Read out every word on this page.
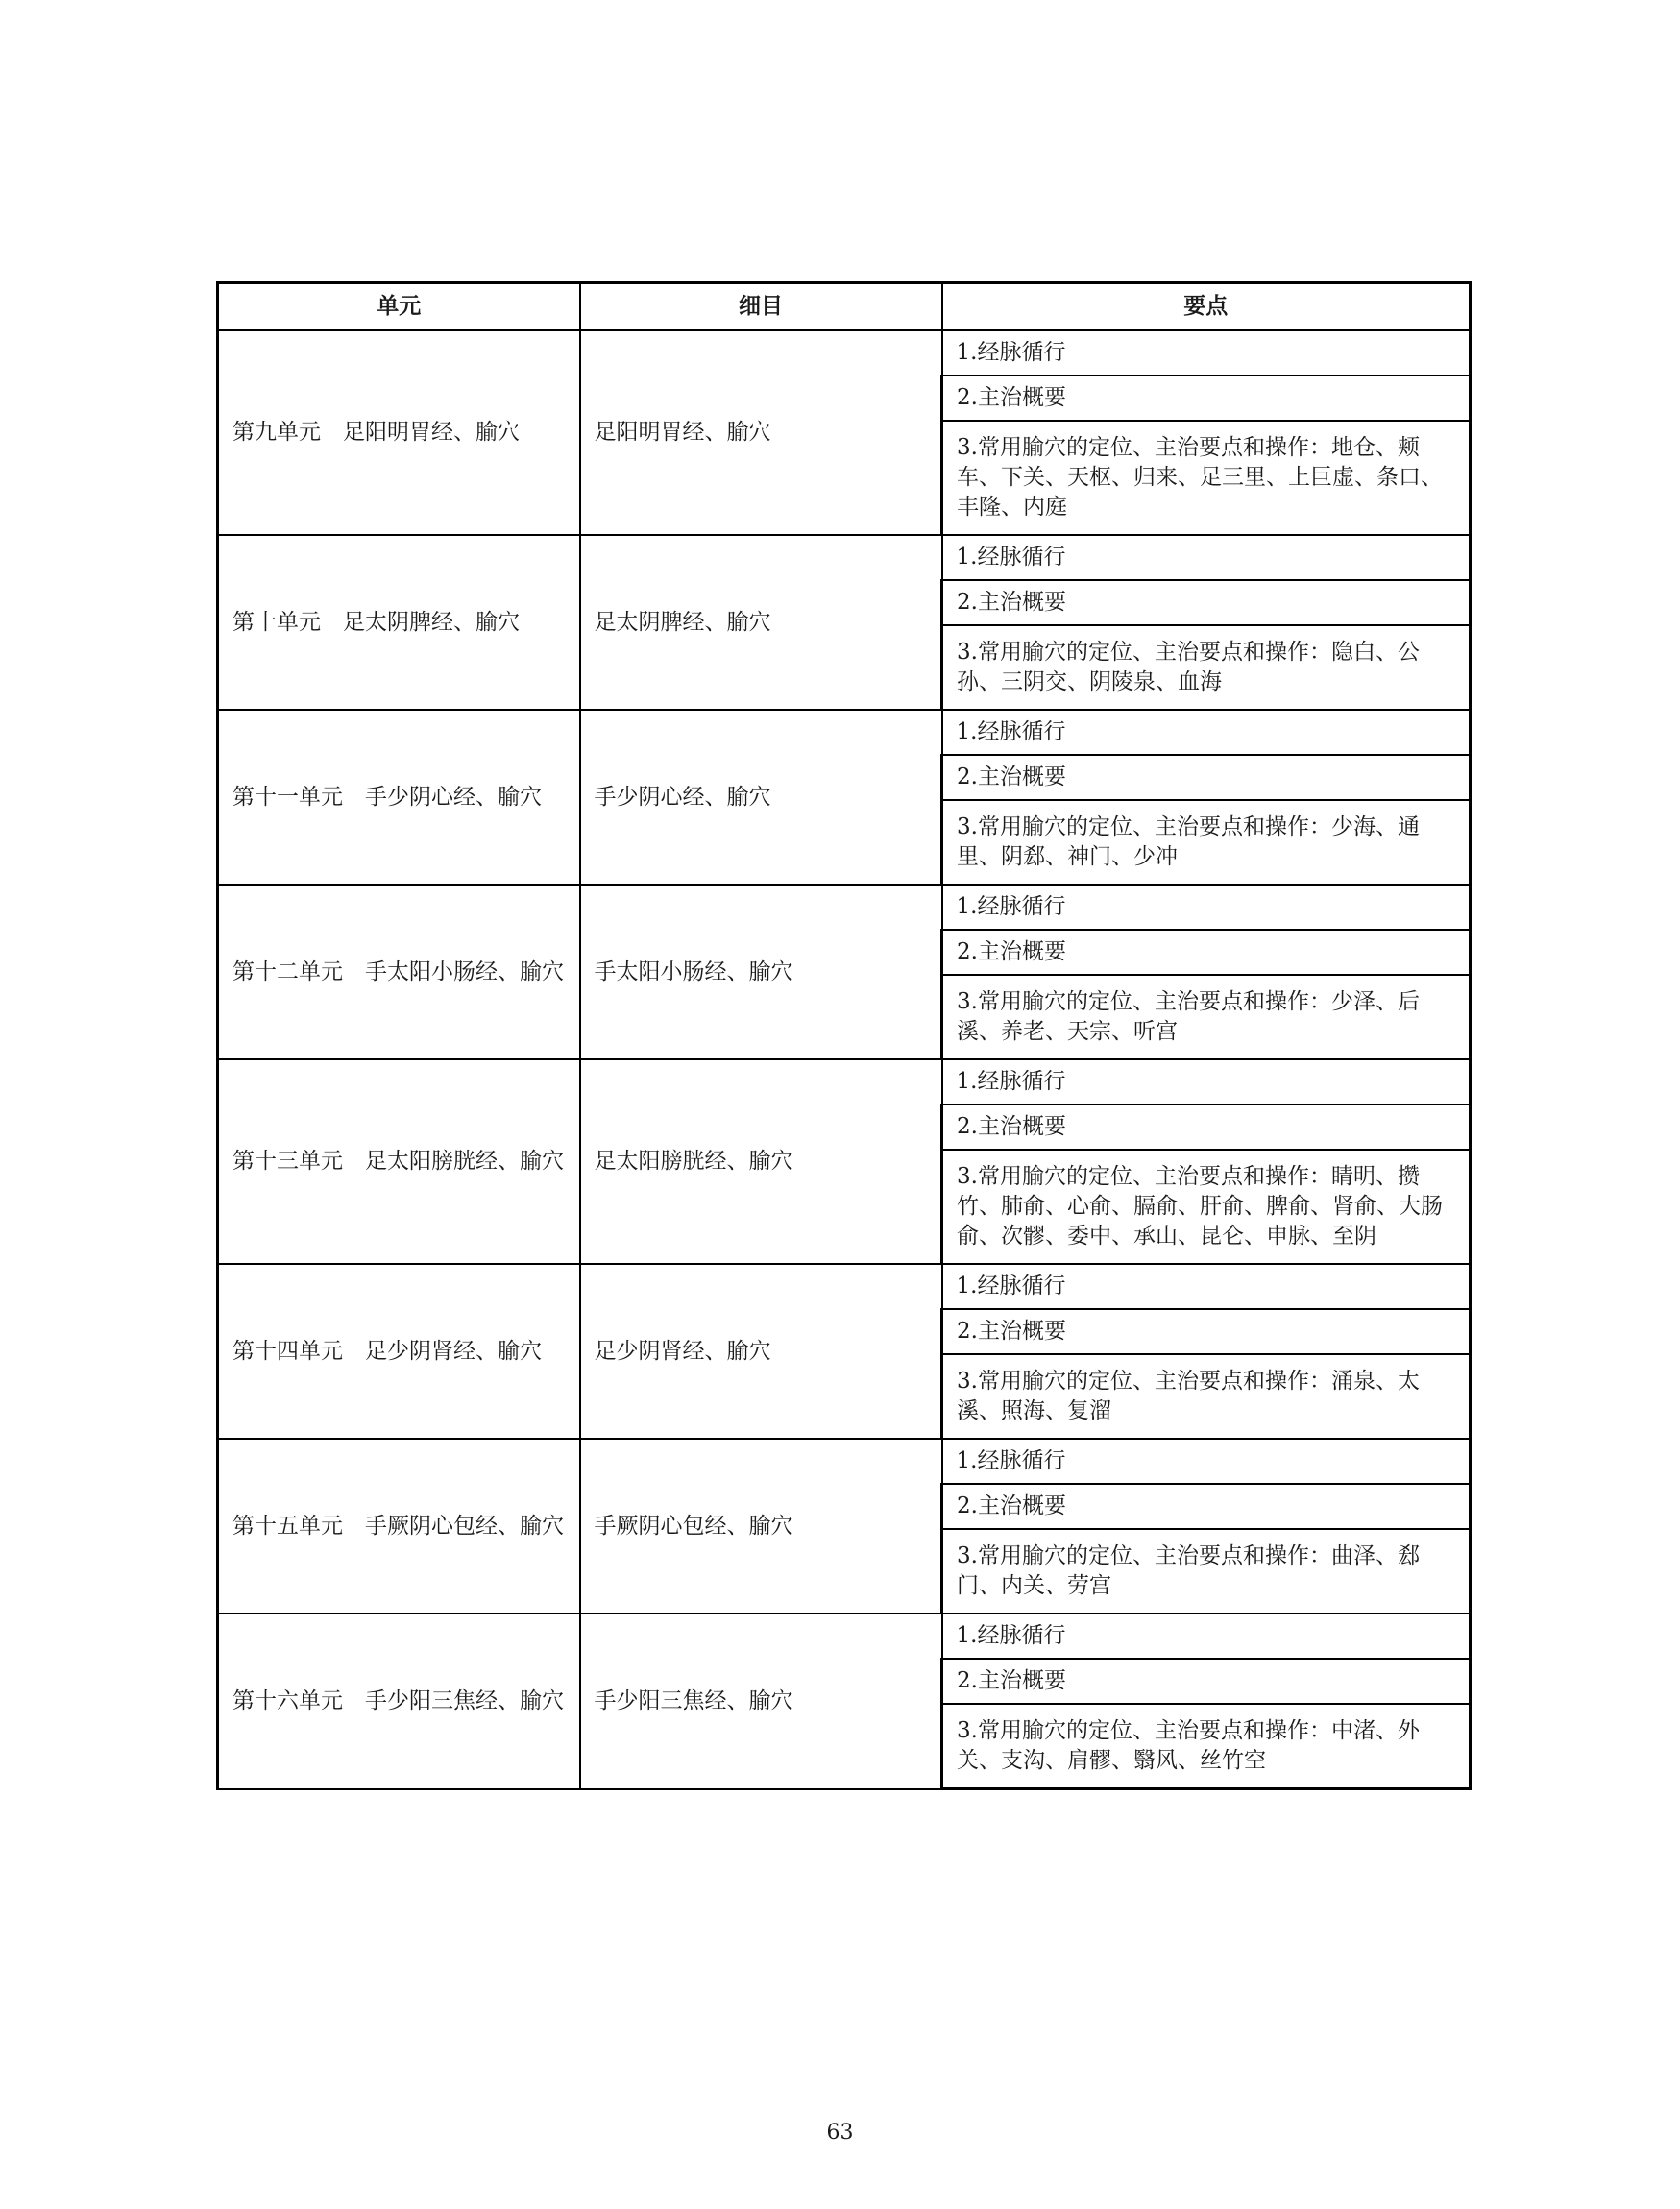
单元	细目	要点
第九单元　足阳明胃经、腧穴	足阳明胃经、腧穴	1.经脉循行
		2.主治概要
		3.常用腧穴的定位、主治要点和操作：地仓、颊车、下关、天枢、归来、足三里、上巨虚、条口、丰隆、内庭
第十单元　足太阴脾经、腧穴	足太阴脾经、腧穴	1.经脉循行
		2.主治概要
		3.常用腧穴的定位、主治要点和操作：隐白、公孙、三阴交、阴陵泉、血海
第十一单元　手少阴心经、腧穴	手少阴心经、腧穴	1.经脉循行
		2.主治概要
		3.常用腧穴的定位、主治要点和操作：少海、通里、阴郄、神门、少冲
第十二单元　手太阳小肠经、腧穴	手太阳小肠经、腧穴	1.经脉循行
		2.主治概要
		3.常用腧穴的定位、主治要点和操作：少泽、后溪、养老、天宗、听宫
第十三单元　足太阳膀胱经、腧穴	足太阳膀胱经、腧穴	1.经脉循行
		2.主治概要
		3.常用腧穴的定位、主治要点和操作：睛明、攒竹、肺俞、心俞、膈俞、肝俞、脾俞、肾俞、大肠俞、次髎、委中、承山、昆仑、申脉、至阴
第十四单元　足少阴肾经、腧穴	足少阴肾经、腧穴	1.经脉循行
		2.主治概要
		3.常用腧穴的定位、主治要点和操作：涌泉、太溪、照海、复溜
第十五单元　手厥阴心包经、腧穴	手厥阴心包经、腧穴	1.经脉循行
		2.主治概要
		3.常用腧穴的定位、主治要点和操作：曲泽、郄门、内关、劳宫
第十六单元　手少阳三焦经、腧穴	手少阳三焦经、腧穴	1.经脉循行
		2.主治概要
		3.常用腧穴的定位、主治要点和操作：中渚、外关、支沟、肩髎、翳风、丝竹空
63
